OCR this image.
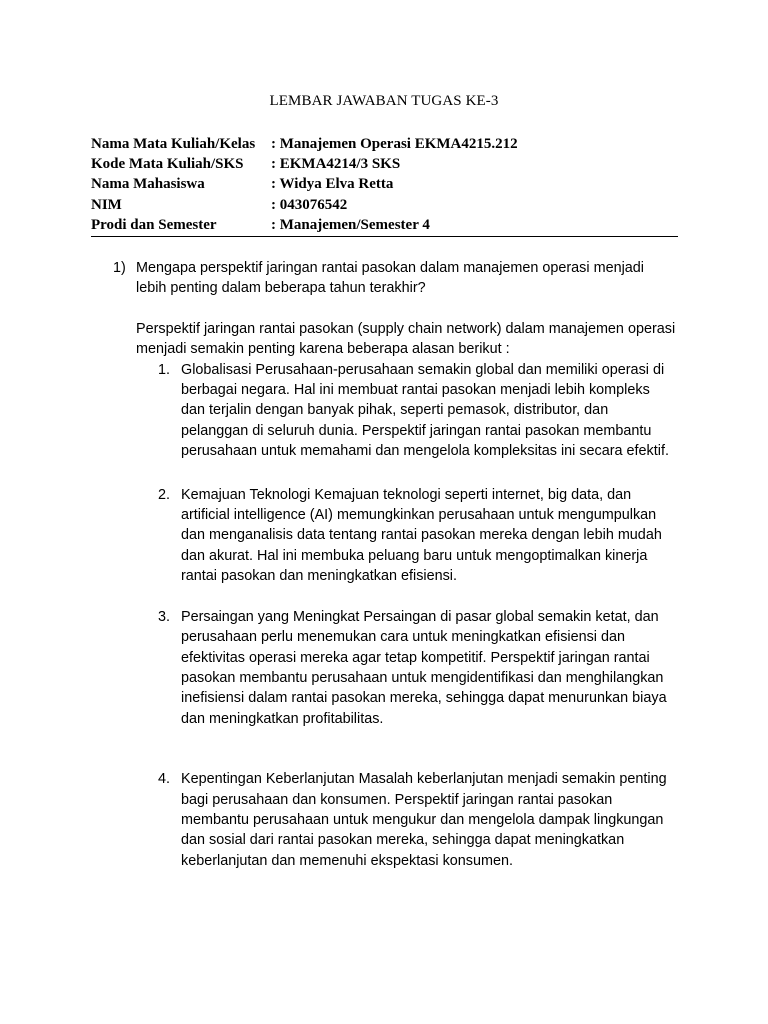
LEMBAR JAWABAN TUGAS KE-3
Nama Mata Kuliah/Kelas	: Manajemen Operasi EKMA4215.212
Kode Mata Kuliah/SKS	: EKMA4214/3 SKS
Nama Mahasiswa	: Widya Elva Retta
NIM	: 043076542
Prodi dan Semester	: Manajemen/Semester 4
1) Mengapa perspektif jaringan rantai pasokan dalam manajemen operasi menjadi lebih penting dalam beberapa tahun terakhir?

Perspektif jaringan rantai pasokan (supply chain network) dalam manajemen operasi menjadi semakin penting karena beberapa alasan berikut :

1. Globalisasi Perusahaan-perusahaan semakin global dan memiliki operasi di berbagai negara. Hal ini membuat rantai pasokan menjadi lebih kompleks dan terjalin dengan banyak pihak, seperti pemasok, distributor, dan pelanggan di seluruh dunia. Perspektif jaringan rantai pasokan membantu perusahaan untuk memahami dan mengelola kompleksitas ini secara efektif.

2. Kemajuan Teknologi Kemajuan teknologi seperti internet, big data, dan artificial intelligence (AI) memungkinkan perusahaan untuk mengumpulkan dan menganalisis data tentang rantai pasokan mereka dengan lebih mudah dan akurat. Hal ini membuka peluang baru untuk mengoptimalkan kinerja rantai pasokan dan meningkatkan efisiensi.

3. Persaingan yang Meningkat Persaingan di pasar global semakin ketat, dan perusahaan perlu menemukan cara untuk meningkatkan efisiensi dan efektivitas operasi mereka agar tetap kompetitif. Perspektif jaringan rantai pasokan membantu perusahaan untuk mengidentifikasi dan menghilangkan inefisiensi dalam rantai pasokan mereka, sehingga dapat menurunkan biaya dan meningkatkan profitabilitas.

4. Kepentingan Keberlanjutan Masalah keberlanjutan menjadi semakin penting bagi perusahaan dan konsumen. Perspektif jaringan rantai pasokan membantu perusahaan untuk mengukur dan mengelola dampak lingkungan dan sosial dari rantai pasokan mereka, sehingga dapat meningkatkan keberlanjutan dan memenuhi ekspektasi konsumen.
